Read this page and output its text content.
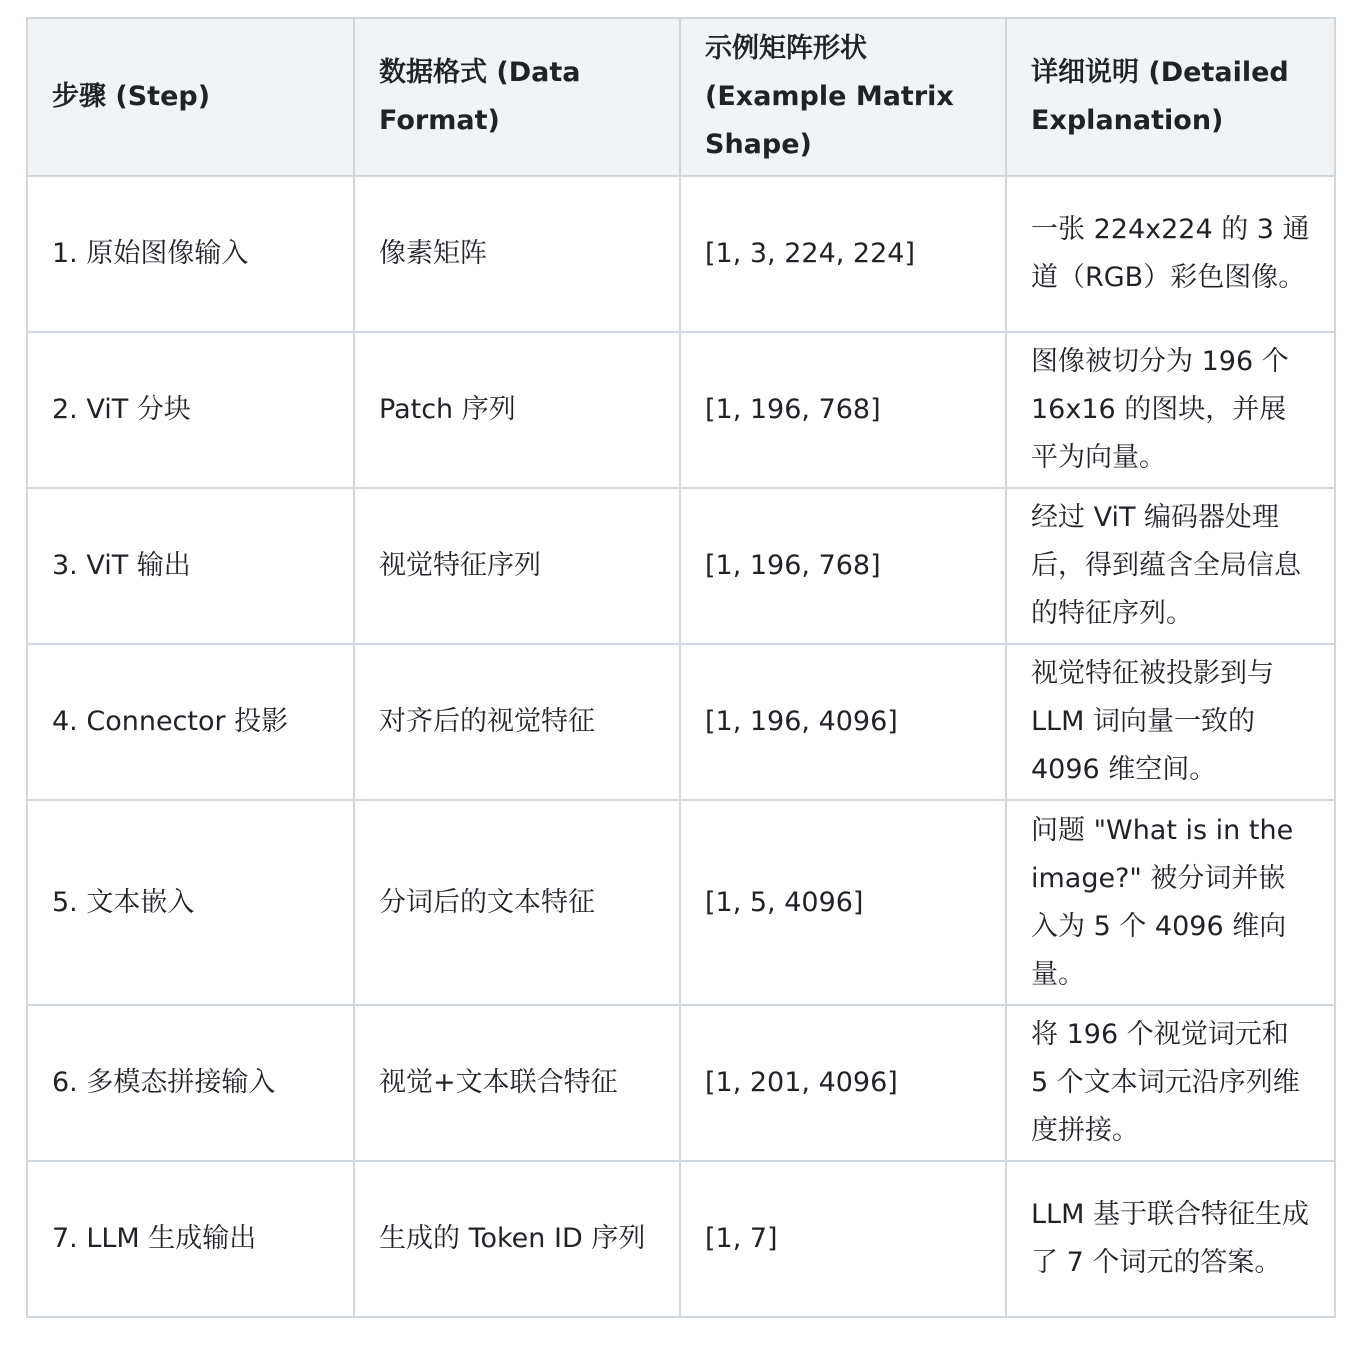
步骤 (Step)	数据格式 (Data Format)	示例矩阵形状 (Example Matrix Shape)	详细说明 (Detailed Explanation)
1. 原始图像输入	像素矩阵	[1, 3, 224, 224]	一张 224x224 的 3 通道（RGB）彩色图像。
2. ViT 分块	Patch 序列	[1, 196, 768]	图像被切分为 196 个 16x16 的图块，并展平为向量。
3. ViT 输出	视觉特征序列	[1, 196, 768]	经过 ViT 编码器处理后，得到蕴含全局信息的特征序列。
4. Connector 投影	对齐后的视觉特征	[1, 196, 4096]	视觉特征被投影到与 LLM 词向量一致的 4096 维空间。
5. 文本嵌入	分词后的文本特征	[1, 5, 4096]	问题 "What is in the image?" 被分词并嵌入为 5 个 4096 维向量。
6. 多模态拼接输入	视觉+文本联合特征	[1, 201, 4096]	将 196 个视觉词元和 5 个文本词元沿序列维度拼接。
7. LLM 生成输出	生成的 Token ID 序列	[1, 7]	LLM 基于联合特征生成了 7 个词元的答案。
